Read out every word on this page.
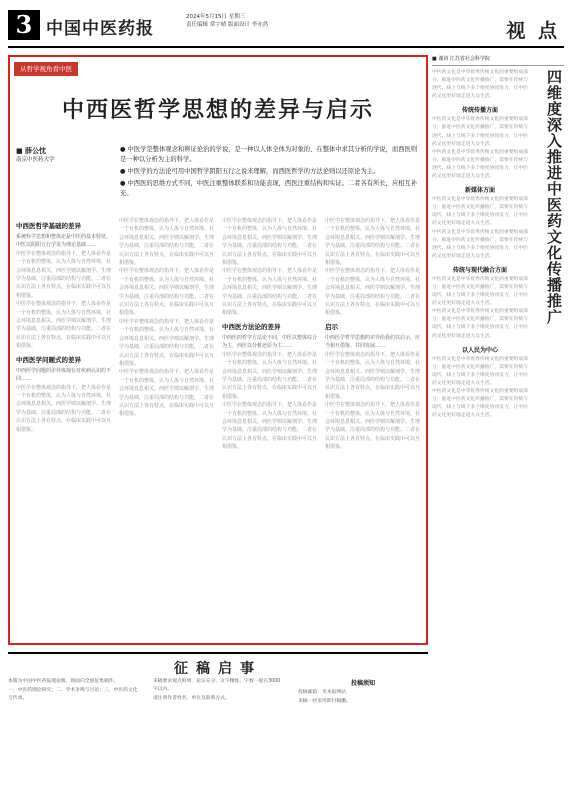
3 中国中医药报
2024年5月15日 星期三
责任编辑 常宇晴 版面设计 李亦然	视 点
从哲学视角看中医
中西医哲学思想的差异与启示
■ 薛公忱
南京中医药大学

● 中医学是整体观念和辨证论治的学说，是一种以人体全体为对象的、在整体中求其分析的学说，而西医则是一种以分析为主的科学。

● 中医学的方法论可用中国哲学阴阳五行之说来理解，而西医哲学的方法论则以还原论为主。

● 中西医的思维方式不同，中医注重整体联系和功能表现，西医注重结构和实证。二者各有所长，应相互补充。

中西医哲学基础的差异
系统科学思想和整体论是中医的基本特征，中医以阴阳五行学说为理论基础……
中医学在整体观念的指导下，把人体看作是一个有机的整体，认为人体与自然环境、社会环境息息相关。西医学则以解剖学、生理学为基础，注重局部的结构与功能。二者在认识方法上各有特点，在临床实践中可以互相借鉴。
中医学在整体观念的指导下，把人体看作是一个有机的整体，认为人体与自然环境、社会环境息息相关。西医学则以解剖学、生理学为基础，注重局部的结构与功能。二者在认识方法上各有特点，在临床实践中可以互相借鉴。
中西医学问题式的差异
中西医学问题的差异体现在对疾病认识的不同……
中医学在整体观念的指导下，把人体看作是一个有机的整体，认为人体与自然环境、社会环境息息相关。西医学则以解剖学、生理学为基础，注重局部的结构与功能。二者在认识方法上各有特点，在临床实践中可以互相借鉴。
中医学在整体观念的指导下，把人体看作是一个有机的整体，认为人体与自然环境、社会环境息息相关。西医学则以解剖学、生理学为基础，注重局部的结构与功能。二者在认识方法上各有特点，在临床实践中可以互相借鉴。
中医学在整体观念的指导下，把人体看作是一个有机的整体，认为人体与自然环境、社会环境息息相关。西医学则以解剖学、生理学为基础，注重局部的结构与功能。二者在认识方法上各有特点，在临床实践中可以互相借鉴。
中医学在整体观念的指导下，把人体看作是一个有机的整体，认为人体与自然环境、社会环境息息相关。西医学则以解剖学、生理学为基础，注重局部的结构与功能。二者在认识方法上各有特点，在临床实践中可以互相借鉴。
中医学在整体观念的指导下，把人体看作是一个有机的整体，认为人体与自然环境、社会环境息息相关。西医学则以解剖学、生理学为基础，注重局部的结构与功能。二者在认识方法上各有特点，在临床实践中可以互相借鉴。
中医学在整体观念的指导下，把人体看作是一个有机的整体，认为人体与自然环境、社会环境息息相关。西医学则以解剖学、生理学为基础，注重局部的结构与功能。二者在认识方法上各有特点，在临床实践中可以互相借鉴。
中医学在整体观念的指导下，把人体看作是一个有机的整体，认为人体与自然环境、社会环境息息相关。西医学则以解剖学、生理学为基础，注重局部的结构与功能。二者在认识方法上各有特点，在临床实践中可以互相借鉴。
中西医方法论的差异
中西医的哲学方法论不同，中医以整体综合为主，西医以分析还原为主……
中医学在整体观念的指导下，把人体看作是一个有机的整体，认为人体与自然环境、社会环境息息相关。西医学则以解剖学、生理学为基础，注重局部的结构与功能。二者在认识方法上各有特点，在临床实践中可以互相借鉴。
中医学在整体观念的指导下，把人体看作是一个有机的整体，认为人体与自然环境、社会环境息息相关。西医学则以解剖学、生理学为基础，注重局部的结构与功能。二者在认识方法上各有特点，在临床实践中可以互相借鉴。
中医学在整体观念的指导下，把人体看作是一个有机的整体，认为人体与自然环境、社会环境息息相关。西医学则以解剖学、生理学为基础，注重局部的结构与功能。二者在认识方法上各有特点，在临床实践中可以互相借鉴。
中医学在整体观念的指导下，把人体看作是一个有机的整体，认为人体与自然环境、社会环境息息相关。西医学则以解剖学、生理学为基础，注重局部的结构与功能。二者在认识方法上各有特点，在临床实践中可以互相借鉴。
启示
中西医学哲学思想的差异给我们以启示，应当相互借鉴、共同发展……
中医学在整体观念的指导下，把人体看作是一个有机的整体，认为人体与自然环境、社会环境息息相关。西医学则以解剖学、生理学为基础，注重局部的结构与功能。二者在认识方法上各有特点，在临床实践中可以互相借鉴。
中医学在整体观念的指导下，把人体看作是一个有机的整体，认为人体与自然环境、社会环境息息相关。西医学则以解剖学、生理学为基础，注重局部的结构与功能。二者在认识方法上各有特点，在临床实践中可以互相借鉴。
■ 谢涛 江苏省社会科学院
四维度深入推进中医药文化传播推广
中医药文化是中华优秀传统文化的重要组成部分，推进中医药文化传播推广，需要在传统与现代、线上与线下多个维度协同发力，让中医药文化更好地走进大众生活。
传统传播方面
中医药文化是中华优秀传统文化的重要组成部分，推进中医药文化传播推广，需要在传统与现代、线上与线下多个维度协同发力，让中医药文化更好地走进大众生活。
中医药文化是中华优秀传统文化的重要组成部分，推进中医药文化传播推广，需要在传统与现代、线上与线下多个维度协同发力，让中医药文化更好地走进大众生活。
新媒体方面
中医药文化是中华优秀传统文化的重要组成部分，推进中医药文化传播推广，需要在传统与现代、线上与线下多个维度协同发力，让中医药文化更好地走进大众生活。
中医药文化是中华优秀传统文化的重要组成部分，推进中医药文化传播推广，需要在传统与现代、线上与线下多个维度协同发力，让中医药文化更好地走进大众生活。
传统与现代融合方面
中医药文化是中华优秀传统文化的重要组成部分，推进中医药文化传播推广，需要在传统与现代、线上与线下多个维度协同发力，让中医药文化更好地走进大众生活。
中医药文化是中华优秀传统文化的重要组成部分，推进中医药文化传播推广，需要在传统与现代、线上与线下多个维度协同发力，让中医药文化更好地走进大众生活。
以人民为中心
中医药文化是中华优秀传统文化的重要组成部分，推进中医药文化传播推广，需要在传统与现代、线上与线下多个维度协同发力，让中医药文化更好地走进大众生活。
中医药文化是中华优秀传统文化的重要组成部分，推进中医药文化传播推广，需要在传统与现代、线上与线下多个维度协同发力，让中医药文化更好地走进大众生活。
征稿启事

本版为中国中医药报理论版，现面向全国征集稿件。

一、中医药理论研究；二、学术争鸣与讨论；三、中医药文化与传承。

来稿要求观点鲜明、论证充分、文字精炼，字数一般在3000字以内。

请注明作者姓名、单位及联系方式。

投稿须知

投稿邮箱：见本报网站

来稿一经采用即付稿酬。
